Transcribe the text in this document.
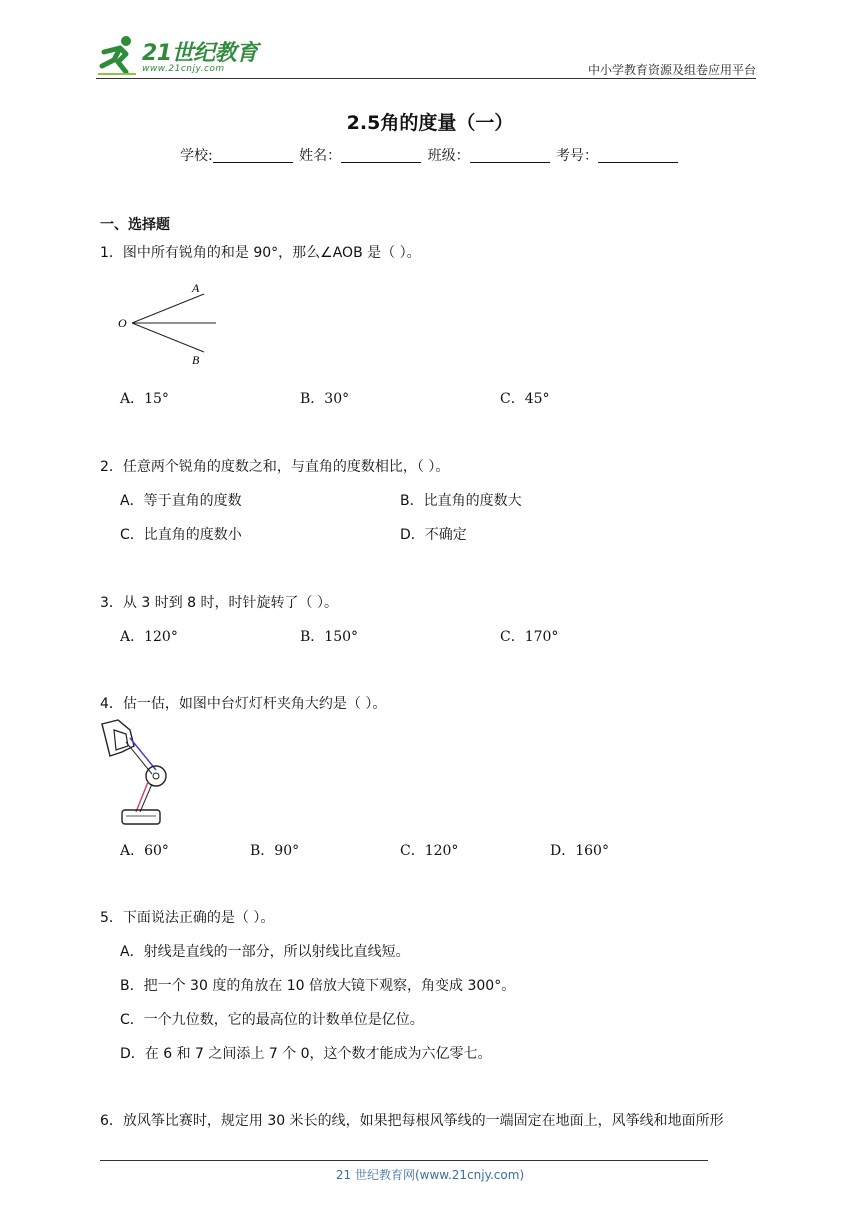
21世纪教育
www.21cnjy.com	中小学教育资源及组卷应用平台
2.5角的度量（一）
学校:	姓名：	班级：	考号：
一、选择题
1．图中所有锐角的和是 90°，那么∠AOB 是（ ）。
A
O
B
A．15°	B．30°	C．45°
2．任意两个锐角的度数之和，与直角的度数相比，（ ）。
A．等于直角的度数	B．比直角的度数大
C．比直角的度数小	D．不确定
3．从 3 时到 8 时，时针旋转了（ ）。
A．120°	B．150°	C．170°
4．估一估，如图中台灯灯杆夹角大约是（ ）。
A．60°	B．90°	C．120°	D．160°
5．下面说法正确的是（ ）。
A．射线是直线的一部分，所以射线比直线短。
B．把一个 30 度的角放在 10 倍放大镜下观察，角变成 300°。
C．一个九位数，它的最高位的计数单位是亿位。
D．在 6 和 7 之间添上 7 个 0，这个数才能成为六亿零七。
6．放风筝比赛时，规定用 30 米长的线，如果把每根风筝线的一端固定在地面上，风筝线和地面所形
21 世纪教育网(www.21cnjy.com)
